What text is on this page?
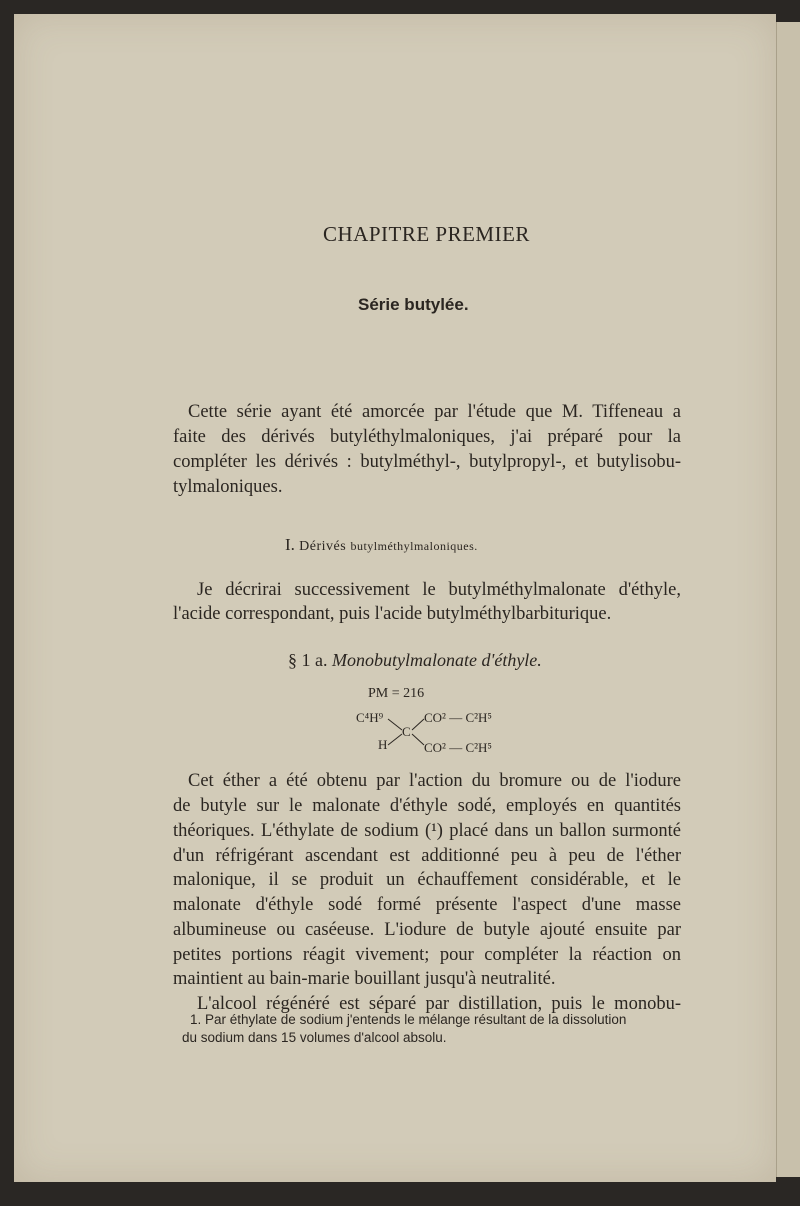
CHAPITRE PREMIER
Série butylée.
Cette série ayant été amorcée par l'étude que M. Tiffeneau a
faite des dérivés butyléthylmaloniques, j'ai préparé pour la
compléter les dérivés : butylméthyl-, butylpropyl-, et butylisobu-
tylmaloniques.
I. Dérivés butylméthylmaloniques.
Je décrirai successivement le butylméthylmalonate d'éthyle,
l'acide correspondant, puis l'acide butylméthylbarbiturique.
§ 1 a. Monobutylmalonate d'éthyle.
PM = 216
C⁴H⁹
H
C
CO² — C²H⁵
CO² — C²H⁵
Cet éther a été obtenu par l'action du bromure ou de l'iodure
de butyle sur le malonate d'éthyle sodé, employés en quantités
théoriques. L'éthylate de sodium (¹) placé dans un ballon surmonté
d'un réfrigérant ascendant est additionné peu à peu de l'éther
malonique, il se produit un échauffement considérable, et le
malonate d'éthyle sodé formé présente l'aspect d'une masse
albumineuse ou caséeuse. L'iodure de butyle ajouté ensuite par
petites portions réagit vivement; pour compléter la réaction on
maintient au bain-marie bouillant jusqu'à neutralité.
L'alcool régénéré est séparé par distillation, puis le monobu-
1. Par éthylate de sodium j'entends le mélange résultant de la dissolution
du sodium dans 15 volumes d'alcool absolu.
